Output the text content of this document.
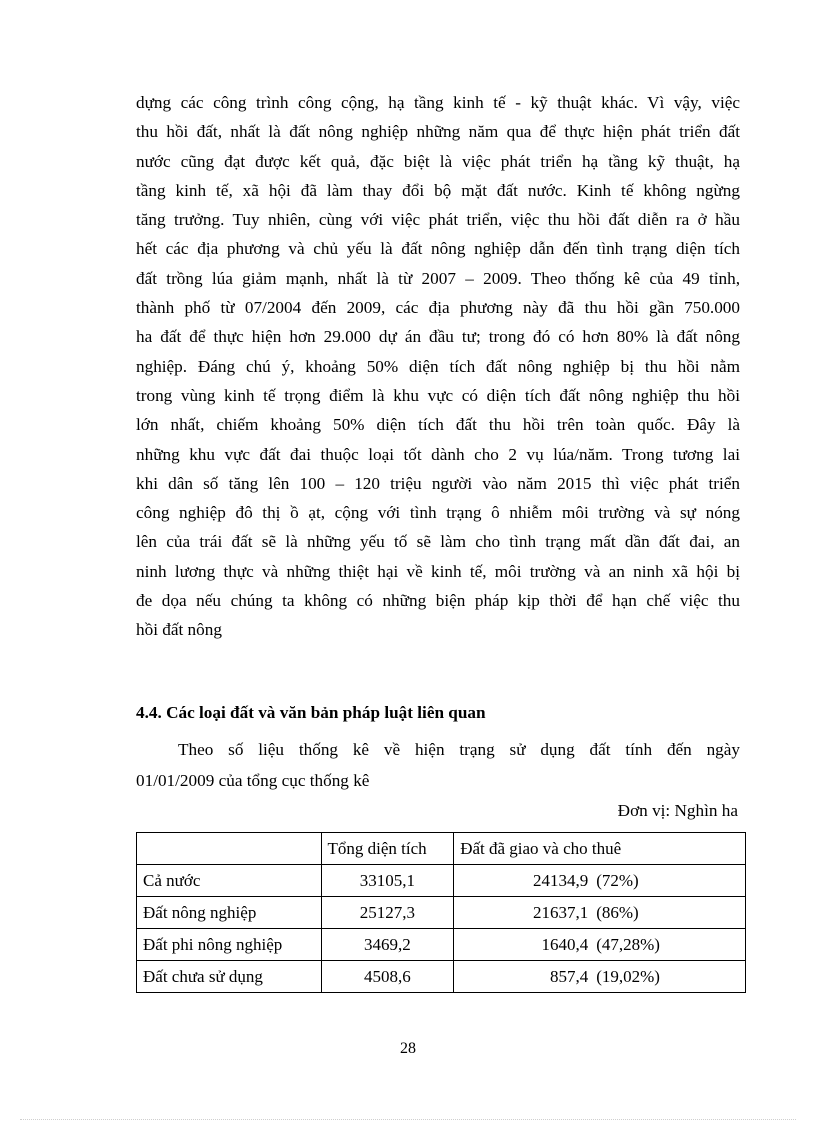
dựng các công trình công cộng, hạ tầng kinh tế - kỹ thuật khác. Vì vậy, việc
thu hồi đất, nhất là đất nông nghiệp những năm qua để thực hiện phát triển đất
nước cũng đạt được kết quả, đặc biệt là việc phát triển hạ tầng kỹ thuật, hạ
tầng kinh tế, xã hội đã làm thay đổi bộ mặt đất nước. Kinh tế không ngừng
tăng trưởng. Tuy nhiên, cùng với việc phát triển, việc thu hồi đất diễn ra ở hầu
hết các địa phương và chủ yếu là đất nông nghiệp dẫn đến tình trạng diện tích
đất trồng lúa giảm mạnh, nhất là từ 2007 – 2009. Theo thống kê của 49 tỉnh,
thành phố từ 07/2004 đến 2009, các địa phương này đã thu hồi gần 750.000
ha đất để thực hiện hơn 29.000 dự án đầu tư; trong đó có hơn 80% là đất nông
nghiệp. Đáng chú ý, khoảng 50% diện tích đất nông nghiệp bị thu hồi nằm
trong vùng kinh tế trọng điểm là khu vực có diện tích đất nông nghiệp thu hồi
lớn nhất, chiếm khoảng 50% diện tích đất thu hồi trên toàn quốc. Đây là
những khu vực đất đai thuộc loại tốt dành cho 2 vụ lúa/năm. Trong tương lai
khi dân số tăng lên 100 – 120 triệu người vào năm 2015 thì việc phát triển
công nghiệp đô thị ồ ạt, cộng với tình trạng ô nhiễm môi trường và sự nóng
lên của trái đất sẽ là những yếu tố sẽ làm cho tình trạng mất dần đất đai, an
ninh lương thực và những thiệt hại về kinh tế, môi trường và an ninh xã hội bị
đe dọa nếu chúng ta không có những biện pháp kịp thời để hạn chế việc thu
hồi đất nông
4.4. Các loại đất và văn bản pháp luật liên quan
Theo số liệu thống kê về hiện trạng sử dụng đất tính đến ngày
01/01/2009 của tổng cục thống kê
Đơn vị: Nghìn ha
	Tổng diện tích	Đất đã giao và cho thuê
Cả nước	33105,1	24134,9 (72%)
Đất nông nghiệp	25127,3	21637,1 (86%)
Đất phi nông nghiệp	3469,2	1640,4 (47,28%)
Đất chưa sử dụng	4508,6	857,4 (19,02%)
28
